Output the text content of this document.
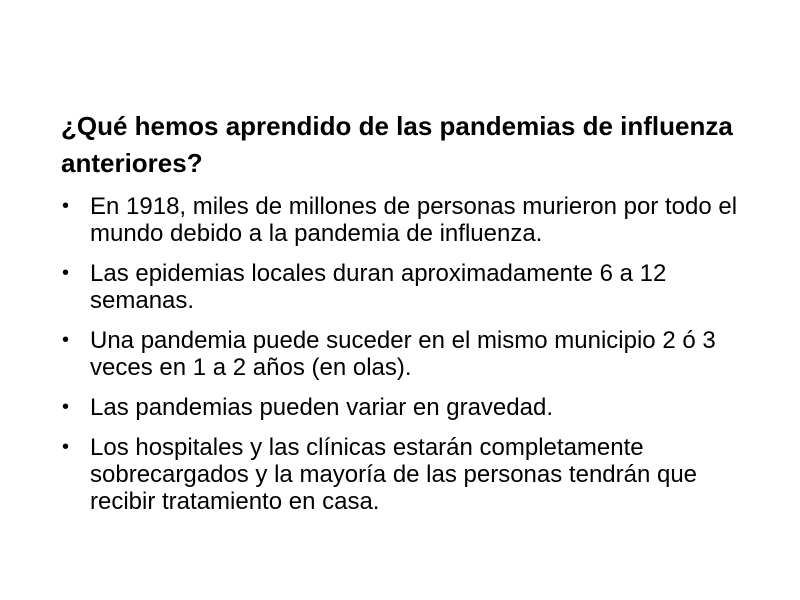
¿Qué hemos aprendido de las pandemias de influenza anteriores?
• En 1918, miles de millones de personas murieron por todo el mundo debido a la pandemia de influenza.
• Las epidemias locales duran aproximadamente 6 a 12 semanas.
• Una pandemia puede suceder en el mismo municipio 2 ó 3 veces en 1 a 2 años (en olas).
• Las pandemias pueden variar en gravedad.
• Los hospitales y las clínicas estarán completamente sobrecargados y la mayoría de las personas tendrán que recibir tratamiento en casa.
